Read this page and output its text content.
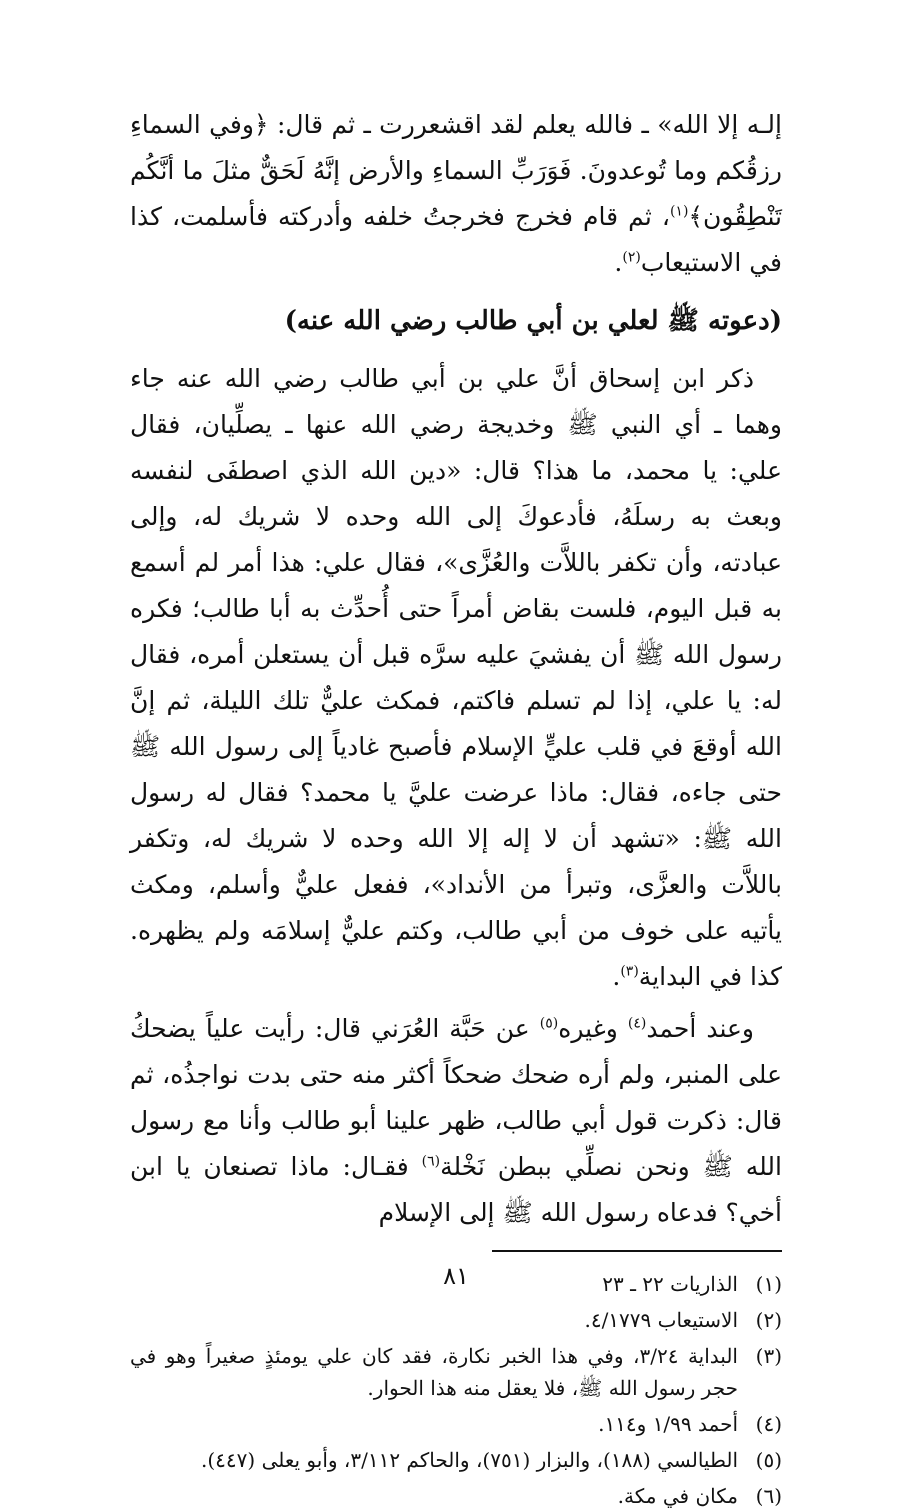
إلـه إلا الله» ـ فالله يعلم لقد اقشعررت ـ ثم قال: ﴿وفي السماءِ رزقُكم وما تُوعدونَ. فَوَرَبِّ السماءِ والأرض إنَّهُ لَحَقٌّ مثلَ ما أنَّكُم تَنْطِقُون﴾$^{(١)}$، ثم قام فخرج فخرجتُ خلفه وأدركته فأسلمت، كذا في الاستيعاب$^{(٢)}$.

(دعوته ﷺ لعلي بن أبي طالب رضي الله عنه)

ذكر ابن إسحاق أنَّ علي بن أبي طالب رضي الله عنه جاء وهما ـ أي النبي ﷺ وخديجة رضي الله عنها ـ يصلِّيان، فقال علي: يا محمد، ما هذا؟ قال: «دين الله الذي اصطفَى لنفسه وبعث به رسلَهُ، فأدعوكَ إلى الله وحده لا شريك له، وإلى عبادته، وأن تكفر باللاَّت والعُزَّى»، فقال علي: هذا أمر لم أسمع به قبل اليوم، فلست بقاض أمراً حتى أُحدِّث به أبا طالب؛ فكره رسول الله ﷺ أن يفشيَ عليه سرَّه قبل أن يستعلن أمره، فقال له: يا علي، إذا لم تسلم فاكتم، فمكث عليٌّ تلك الليلة، ثم إنَّ الله أوقعَ في قلب عليٍّ الإسلام فأصبح غادياً إلى رسول الله ﷺ حتى جاءه، فقال: ماذا عرضت عليَّ يا محمد؟ فقال له رسول الله ﷺ: «تشهد أن لا إله إلا الله وحده لا شريك له، وتكفر باللاَّت والعزَّى، وتبرأ من الأنداد»، ففعل عليٌّ وأسلم، ومكث يأتيه على خوف من أبي طالب، وكتم عليٌّ إسلامَه ولم يظهره. كذا في البداية$^{(٣)}$.

وعند أحمد$^{(٤)}$ وغيره$^{(٥)}$ عن حَبَّة العُرَني قال: رأيت علياً يضحكُ على المنبر، ولم أره ضحك ضحكاً أكثر منه حتى بدت نواجذُه، ثم قال: ذكرت قول أبي طالب، ظهر علينا أبو طالب وأنا مع رسول الله ﷺ ونحن نصلِّي ببطن نَخْلة$^{(٦)}$ فقـال: ماذا تصنعان يا ابن أخي؟ فدعاه رسول الله ﷺ إلى الإسلام

(١)
الذاريات ٢٢ ـ ٢٣
(٢)
الاستيعاب ٤/١٧٧٩.
(٣)
البداية ٣/٢٤، وفي هذا الخبر نكارة، فقد كان علي يومئذٍ صغيراً وهو في حجر رسول الله ﷺ، فلا يعقل منه هذا الحوار.
(٤)
أحمد ١/٩٩ و١١٤.
(٥)
الطيالسي (١٨٨)، والبزار (٧٥١)، والحاكم ٣/١١٢، وأبو يعلى (٤٤٧).
(٦)
مكان في مكة.
٨١
